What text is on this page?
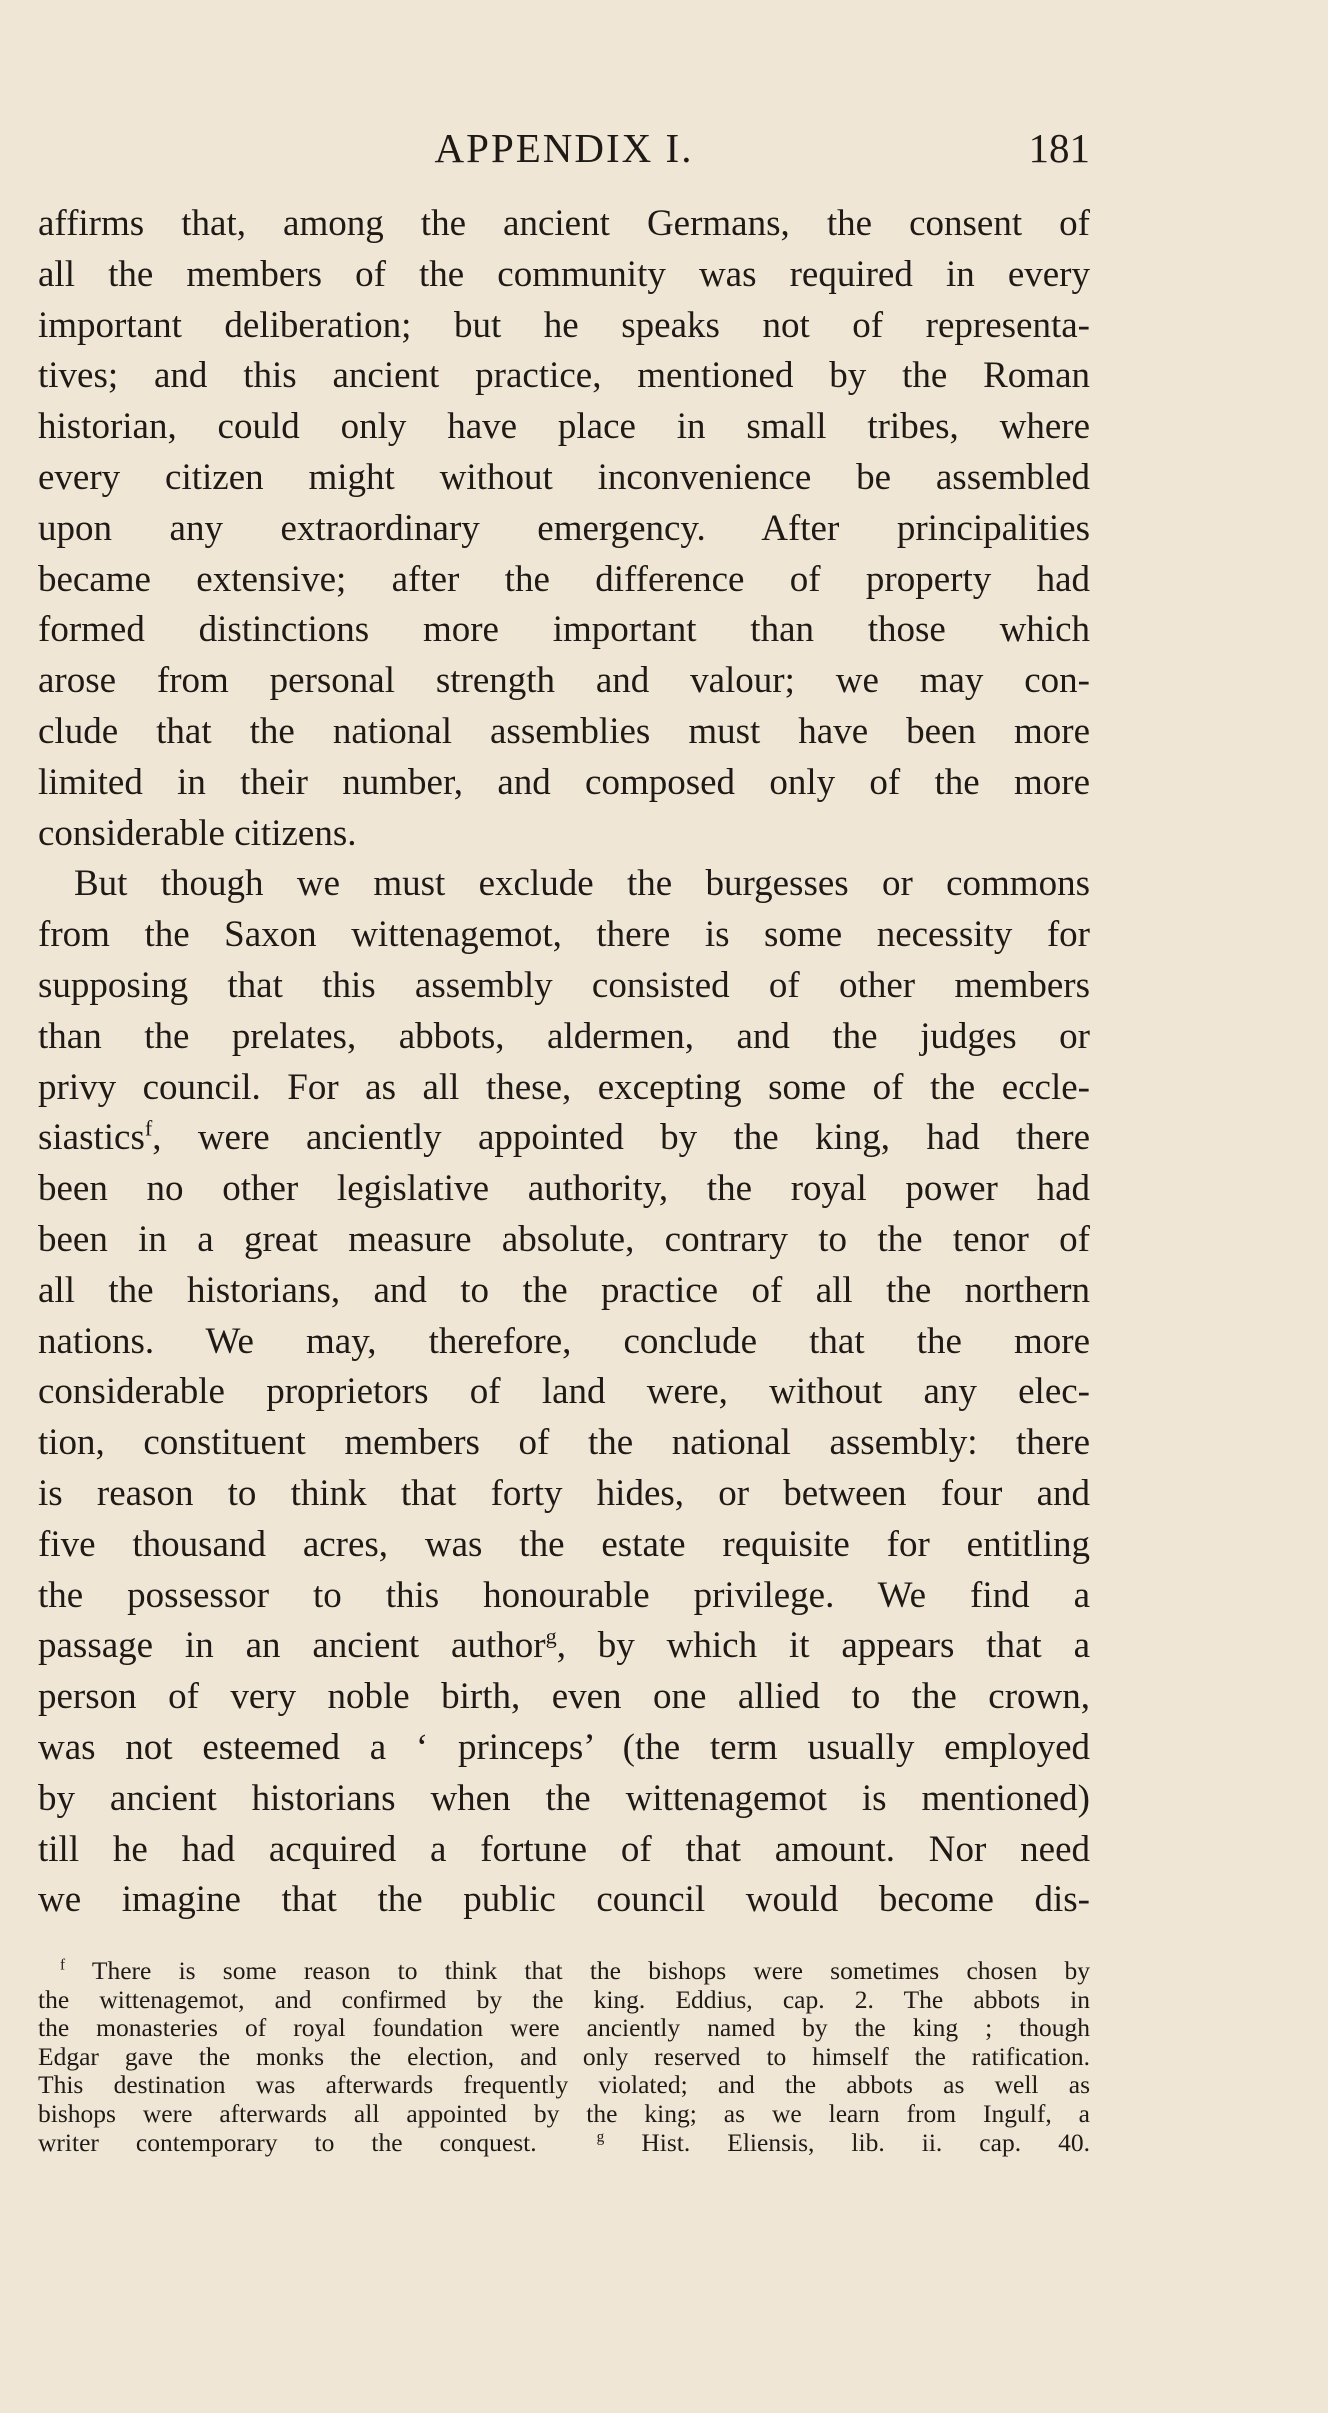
APPENDIX I.	181
affirms that, among the ancient Germans, the consent of
all the members of the community was required in every
important deliberation; but he speaks not of representa-
tives; and this ancient practice, mentioned by the Roman
historian, could only have place in small tribes, where
every citizen might without inconvenience be assembled
upon any extraordinary emergency. After principalities
became extensive; after the difference of property had
formed distinctions more important than those which
arose from personal strength and valour; we may con-
clude that the national assemblies must have been more
limited in their number, and composed only of the more
considerable citizens.
But though we must exclude the burgesses or commons
from the Saxon wittenagemot, there is some necessity for
supposing that this assembly consisted of other members
than the prelates, abbots, aldermen, and the judges or
privy council. For as all these, excepting some of the eccle-
siastics$^f$, were anciently appointed by the king, had there
been no other legislative authority, the royal power had
been in a great measure absolute, contrary to the tenor of
all the historians, and to the practice of all the northern
nations. We may, therefore, conclude that the more
considerable proprietors of land were, without any elec-
tion, constituent members of the national assembly: there
is reason to think that forty hides, or between four and
five thousand acres, was the estate requisite for entitling
the possessor to this honourable privilege. We find a
passage in an ancient author$^g$, by which it appears that a
person of very noble birth, even one allied to the crown,
was not esteemed a ‘ princeps’ (the term usually employed
by ancient historians when the wittenagemot is mentioned)
till he had acquired a fortune of that amount. Nor need
we imagine that the public council would become dis-
$^f$ There is some reason to think that the bishops were sometimes chosen by
the wittenagemot, and confirmed by the king. Eddius, cap. 2. The abbots in
the monasteries of royal foundation were anciently named by the king ; though
Edgar gave the monks the election, and only reserved to himself the ratification.
This destination was afterwards frequently violated; and the abbots as well as
bishops were afterwards all appointed by the king; as we learn from Ingulf, a
writer contemporary to the conquest.	$^g$ Hist. Eliensis, lib. ii. cap. 40.
